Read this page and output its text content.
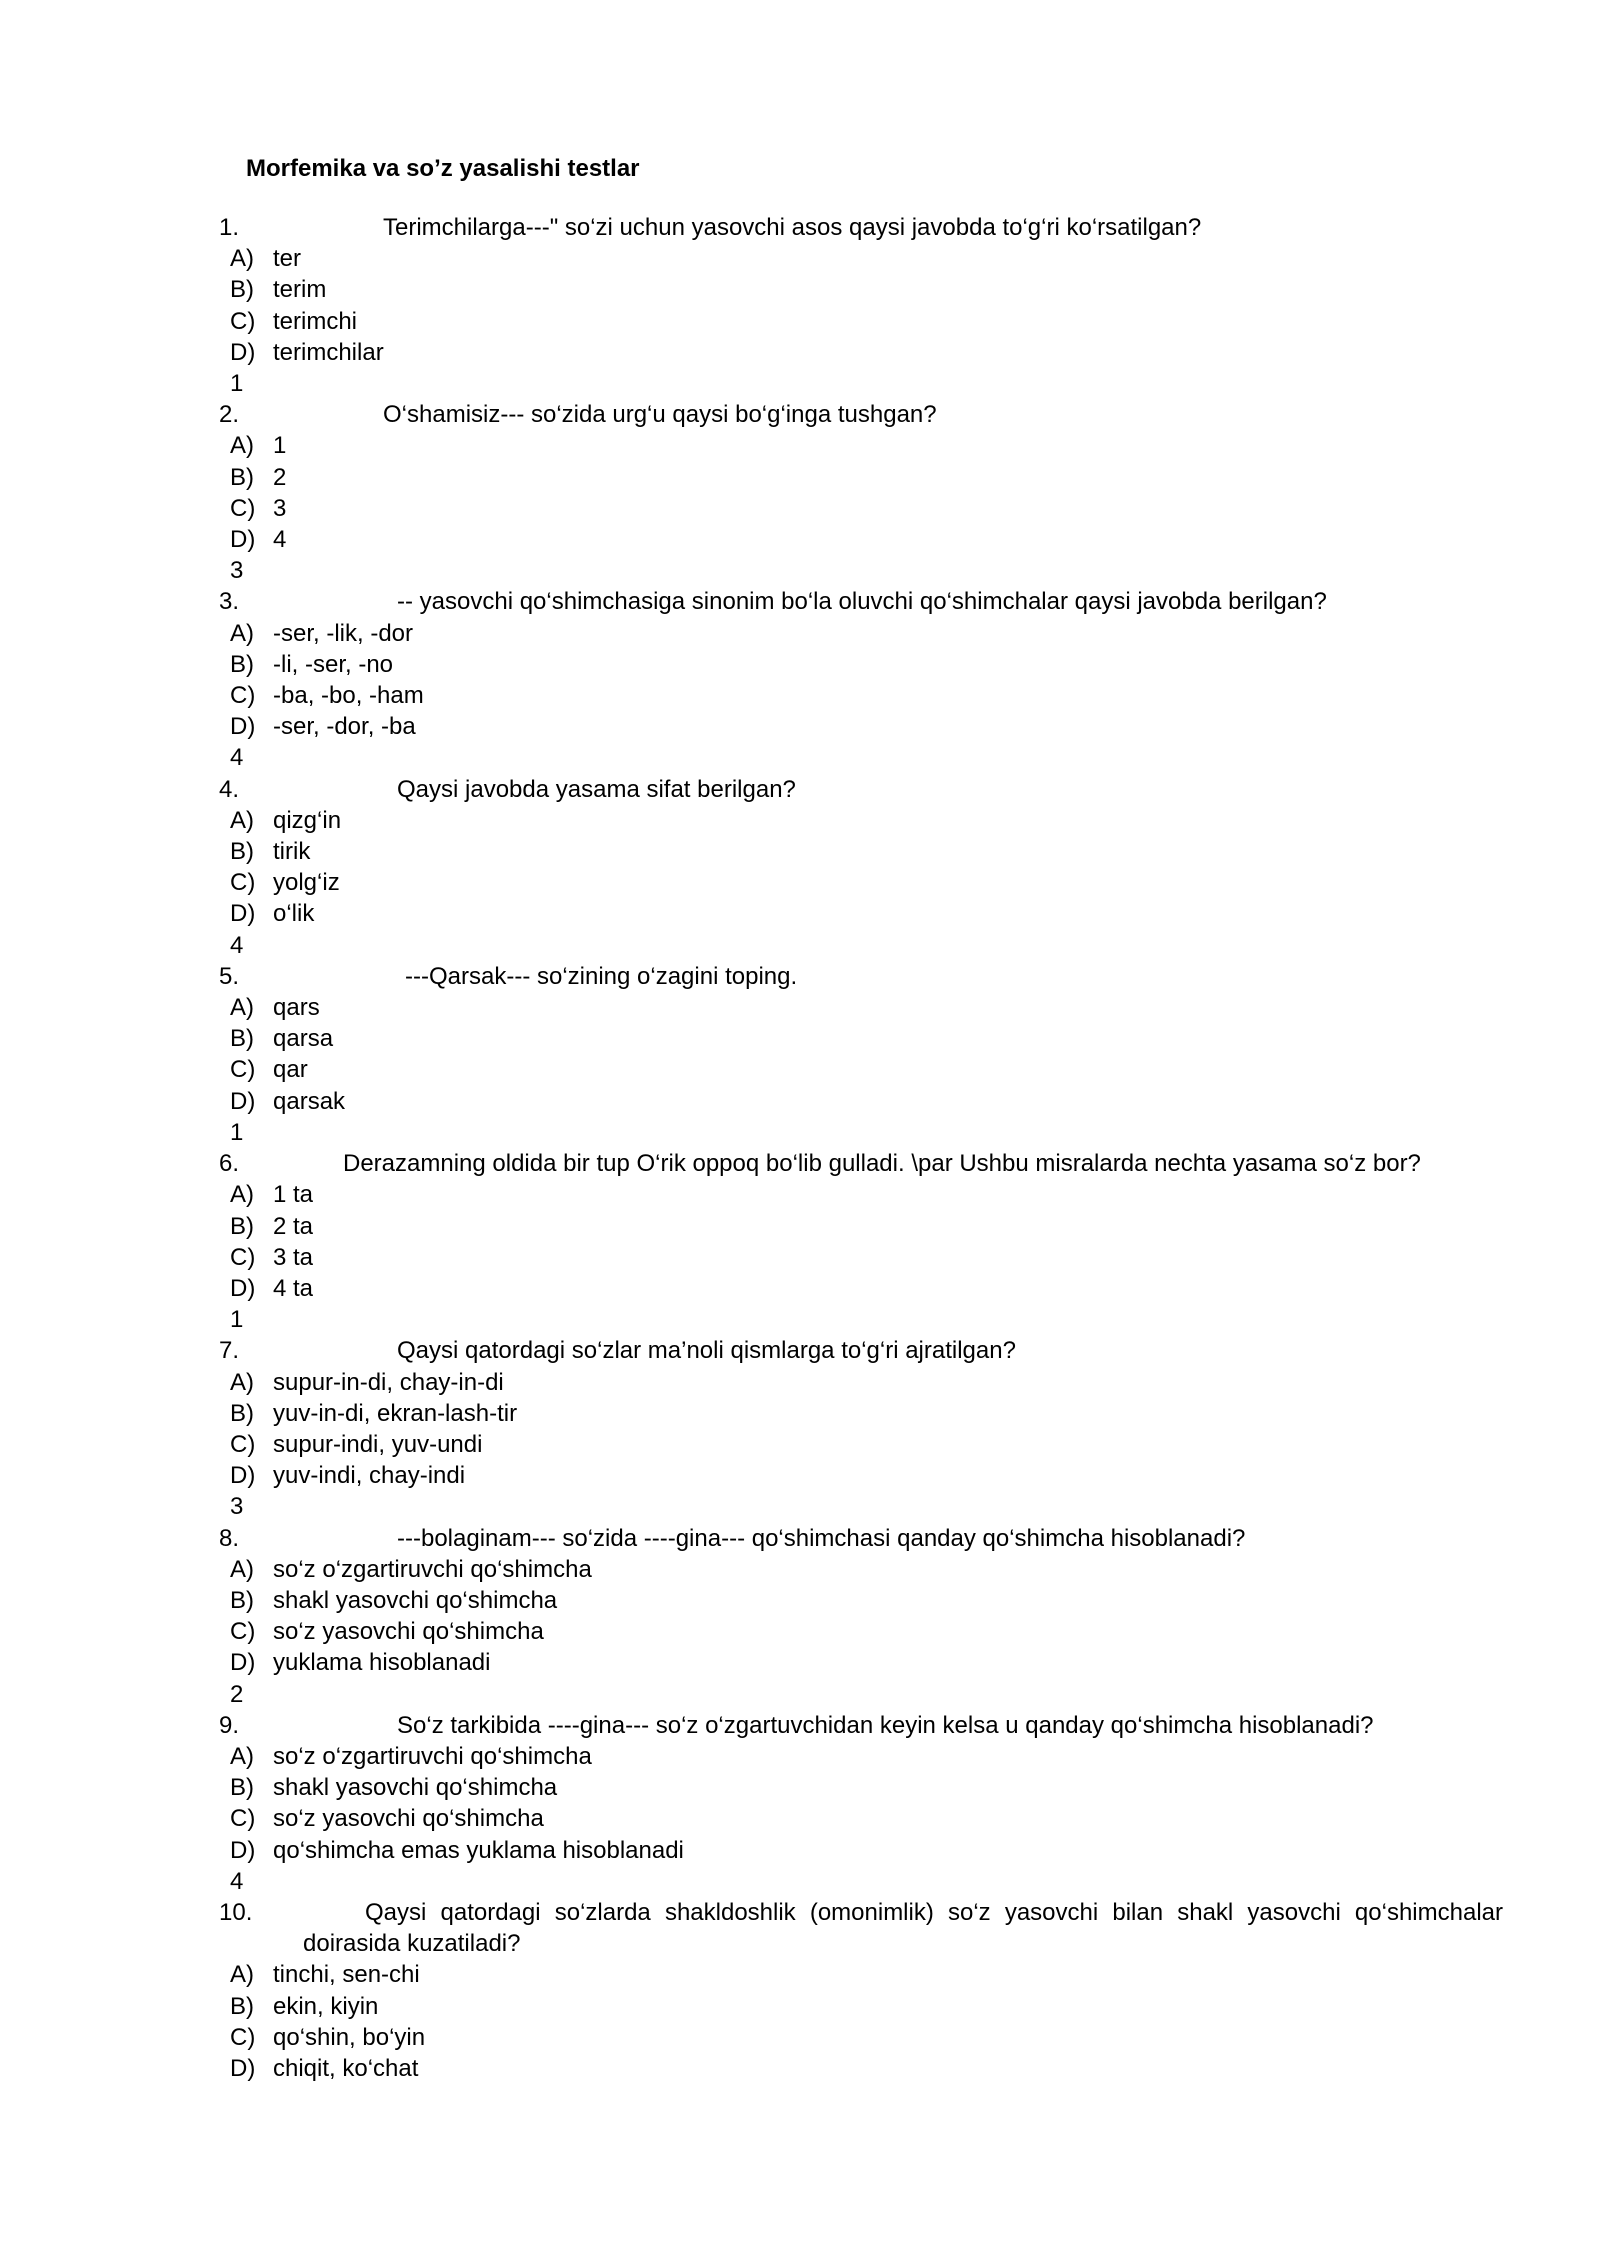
Morfemika va so’z yasalishi testlar
1.	Terimchilarga---" so‘zi uchun yasovchi asos qaysi javobda to‘g‘ri ko‘rsatilgan?
A) ter
B) terim
C) terimchi
D) terimchilar
1
2.	O‘shamisiz--- so‘zida urg‘u qaysi bo‘g‘inga tushgan?
A) 1
B) 2
C) 3
D) 4
3
3.	-- yasovchi qo‘shimchasiga sinonim bo‘la oluvchi qo‘shimchalar qaysi javobda berilgan?
A) -ser, -lik, -dor
B) -li, -ser, -no
C) -ba, -bo, -ham
D) -ser, -dor, -ba
4
4.	Qaysi javobda yasama sifat berilgan?
A) qizg‘in
B) tirik
C) yolg‘iz
D) o‘lik
4
5.	---Qarsak--- so‘zining o‘zagini toping.
A) qars
B) qarsa
C) qar
D) qarsak
1
6.	Derazamning oldida bir tup O‘rik oppoq bo‘lib gulladi. \par Ushbu misralarda nechta yasama so‘z bor?
A) 1 ta
B) 2 ta
C) 3 ta
D) 4 ta
1
7.	Qaysi qatordagi so‘zlar ma’noli qismlarga to‘g‘ri ajratilgan?
A) supur-in-di, chay-in-di
B) yuv-in-di, ekran-lash-tir
C) supur-indi, yuv-undi
D) yuv-indi, chay-indi
3
8.	---bolaginam--- so‘zida ----gina--- qo‘shimchasi qanday qo‘shimcha hisoblanadi?
A) so‘z o‘zgartiruvchi qo‘shimcha
B) shakl yasovchi qo‘shimcha
C) so‘z yasovchi qo‘shimcha
D) yuklama hisoblanadi
2
9.	So‘z tarkibida ----gina--- so‘z o‘zgartuvchidan keyin kelsa u qanday qo‘shimcha hisoblanadi?
A) so‘z o‘zgartiruvchi qo‘shimcha
B) shakl yasovchi qo‘shimcha
C) so‘z yasovchi qo‘shimcha
D) qo‘shimcha emas yuklama hisoblanadi
4
10.	Qaysi qatordagi so‘zlarda shakldoshlik (omonimlik) so‘z yasovchi bilan shakl yasovchi qo‘shimchalar doirasida kuzatiladi?
A) tinchi, sen-chi
B) ekin, kiyin
C) qo‘shin, bo‘yin
D) chiqit, ko‘chat
